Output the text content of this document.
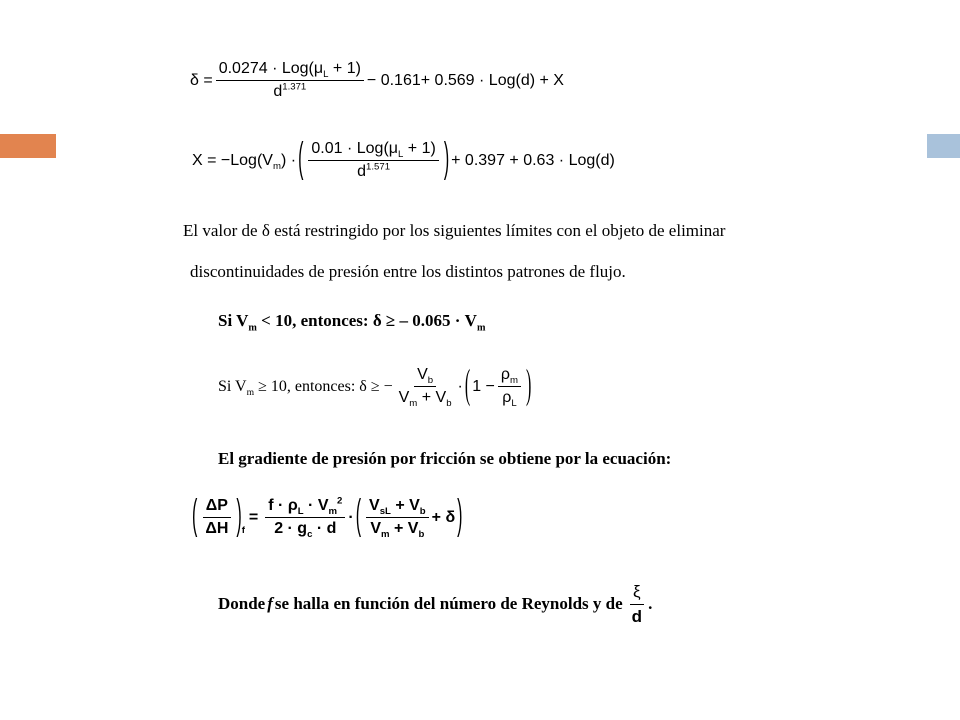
$\delta = \frac{0.0274 \cdot Log(\mu_L + 1)}{d^{1.371}} - 0.161+ 0.569 \cdot Log(d) + X$
$X = -Log(V_m)$ · ( $\frac{0.01 \cdot Log(\mu_L + 1)}{d^{1.571}}$ ) + 0.397 + 0.63 · Log(d)
El valor de δ está restringido por los siguientes límites con el objeto de eliminar
discontinuidades de presión entre los distintos patrones de flujo.
Si $V_m < 10$, entonces: δ ≥ – $0.065 \cdot V_m$
Si $V_m \ge 10$, entonces: δ ≥ − $\frac{V_b}{V_m + V_b}$ · ( $1 - \frac{\rho_m}{\rho_L}$ )
El gradiente de presión por fricción se obtiene por la ecuación:
( $\frac{\Delta P}{\Delta H}$ ) f
= $\frac{f \cdot \rho_L \cdot V_m^2}{2 \cdot g_c \cdot d}$ · ( $\frac{V_{sL} + V_b}{V_m + V_b} + \delta$ )
Donde f se halla en función del número de Reynolds y de $\frac{\xi}{d}$ .
